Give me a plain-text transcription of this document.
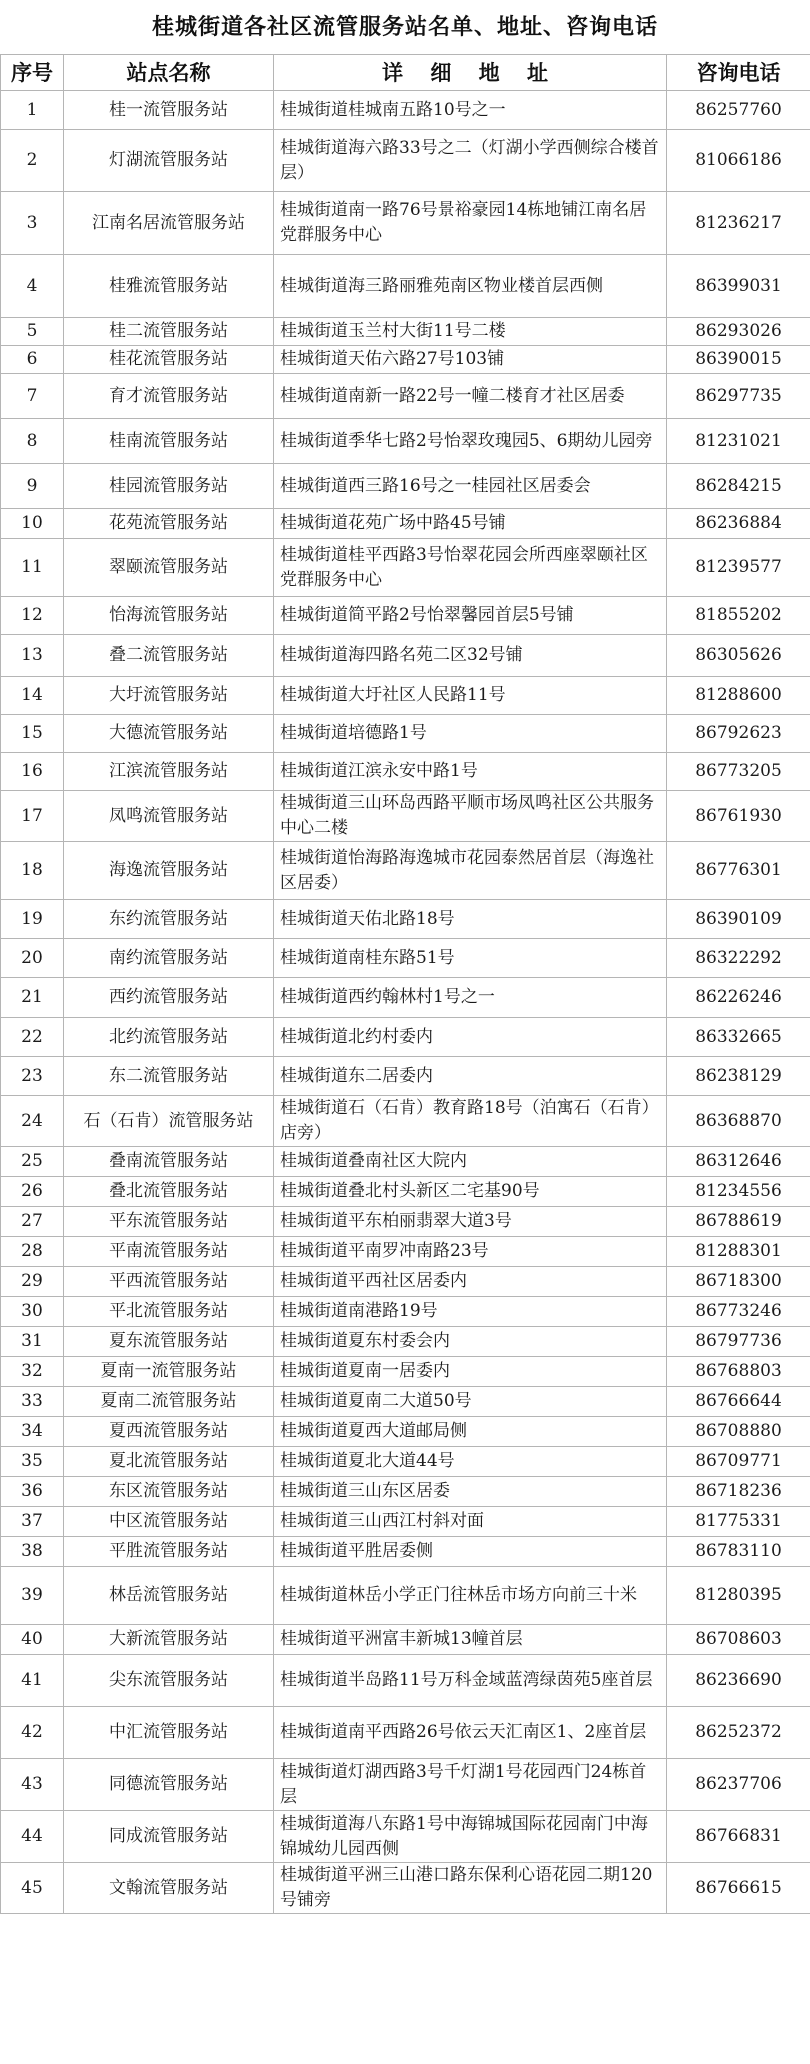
桂城街道各社区流管服务站名单、地址、咨询电话
序号	站点名称	详 细 地 址	咨询电话
1	桂一流管服务站	桂城街道桂城南五路10号之一	86257760
2	灯湖流管服务站	桂城街道海六路33号之二（灯湖小学西侧综合楼首层）	81066186
3	江南名居流管服务站	桂城街道南一路76号景裕豪园14栋地铺江南名居党群服务中心	81236217
4	桂雅流管服务站	桂城街道海三路丽雅苑南区物业楼首层西侧	86399031
5	桂二流管服务站	桂城街道玉兰村大街11号二楼	86293026
6	桂花流管服务站	桂城街道天佑六路27号103铺	86390015
7	育才流管服务站	桂城街道南新一路22号一幢二楼育才社区居委	86297735
8	桂南流管服务站	桂城街道季华七路2号怡翠玫瑰园5、6期幼儿园旁	81231021
9	桂园流管服务站	桂城街道西三路16号之一桂园社区居委会	86284215
10	花苑流管服务站	桂城街道花苑广场中路45号铺	86236884
11	翠颐流管服务站	桂城街道桂平西路3号怡翠花园会所西座翠颐社区党群服务中心	81239577
12	怡海流管服务站	桂城街道简平路2号怡翠馨园首层5号铺	81855202
13	叠二流管服务站	桂城街道海四路名苑二区32号铺	86305626
14	大圩流管服务站	桂城街道大圩社区人民路11号	81288600
15	大德流管服务站	桂城街道培德路1号	86792623
16	江滨流管服务站	桂城街道江滨永安中路1号	86773205
17	凤鸣流管服务站	桂城街道三山环岛西路平顺市场凤鸣社区公共服务中心二楼	86761930
18	海逸流管服务站	桂城街道怡海路海逸城市花园泰然居首层（海逸社区居委）	86776301
19	东约流管服务站	桂城街道天佑北路18号	86390109
20	南约流管服务站	桂城街道南桂东路51号	86322292
21	西约流管服务站	桂城街道西约翰林村1号之一	86226246
22	北约流管服务站	桂城街道北约村委内	86332665
23	东二流管服务站	桂城街道东二居委内	86238129
24	石（石肯）流管服务站	桂城街道石（石肯）教育路18号（泊寓石（石肯）店旁）	86368870
25	叠南流管服务站	桂城街道叠南社区大院内	86312646
26	叠北流管服务站	桂城街道叠北村头新区二宅基90号	81234556
27	平东流管服务站	桂城街道平东柏丽翡翠大道3号	86788619
28	平南流管服务站	桂城街道平南罗冲南路23号	81288301
29	平西流管服务站	桂城街道平西社区居委内	86718300
30	平北流管服务站	桂城街道南港路19号	86773246
31	夏东流管服务站	桂城街道夏东村委会内	86797736
32	夏南一流管服务站	桂城街道夏南一居委内	86768803
33	夏南二流管服务站	桂城街道夏南二大道50号	86766644
34	夏西流管服务站	桂城街道夏西大道邮局侧	86708880
35	夏北流管服务站	桂城街道夏北大道44号	86709771
36	东区流管服务站	桂城街道三山东区居委	86718236
37	中区流管服务站	桂城街道三山西江村斜对面	81775331
38	平胜流管服务站	桂城街道平胜居委侧	86783110
39	林岳流管服务站	桂城街道林岳小学正门往林岳市场方向前三十米	81280395
40	大新流管服务站	桂城街道平洲富丰新城13幢首层	86708603
41	尖东流管服务站	桂城街道半岛路11号万科金域蓝湾绿茵苑5座首层	86236690
42	中汇流管服务站	桂城街道南平西路26号依云天汇南区1、2座首层	86252372
43	同德流管服务站	桂城街道灯湖西路3号千灯湖1号花园西门24栋首层	86237706
44	同成流管服务站	桂城街道海八东路1号中海锦城国际花园南门中海锦城幼儿园西侧	86766831
45	文翰流管服务站	桂城街道平洲三山港口路东保利心语花园二期120号铺旁	86766615
